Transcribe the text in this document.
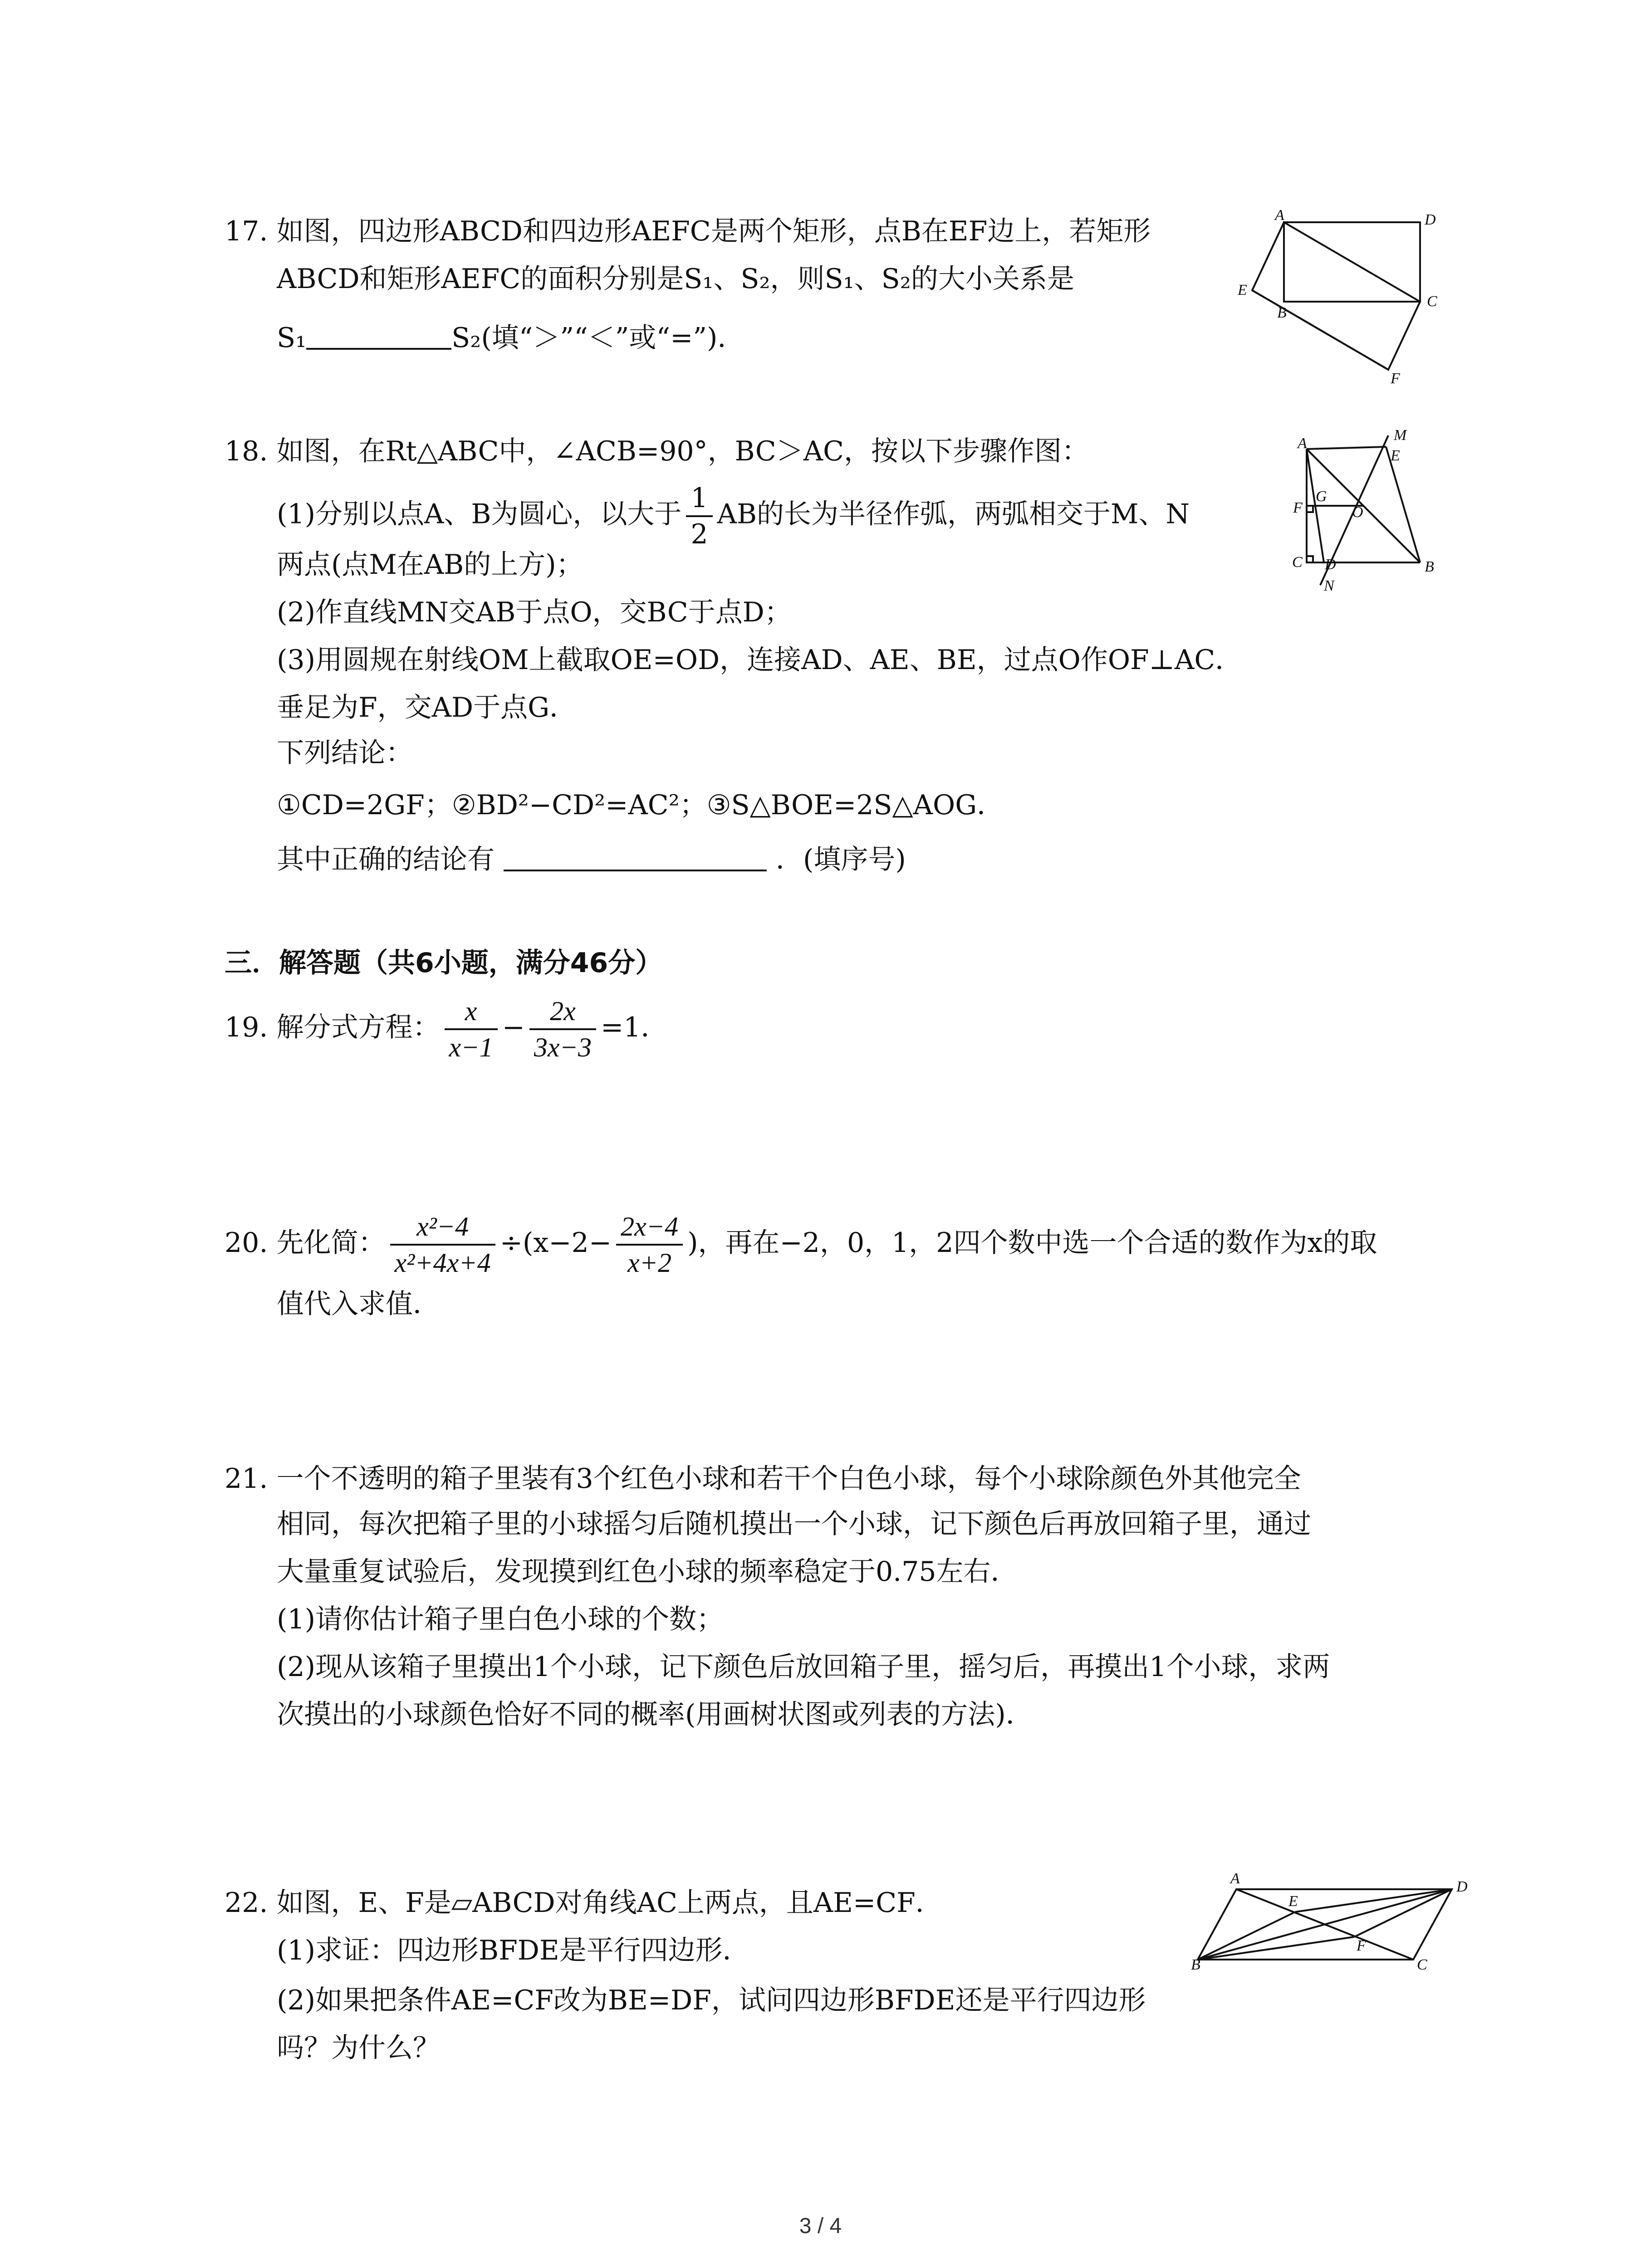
17. 如图，四边形ABCD和四边形AEFC是两个矩形，点B在EF边上，若矩形
ABCD和矩形AEFC的面积分别是S₁、S₂，则S₁、S₂的大小关系是
S₁	S₂(填“＞”“＜”或“=”)．
A	D
E
B
C
F
18. 如图，在Rt△ABC中，∠ACB=90°，BC＞AC，按以下步骤作图：
(1)分别以点A、B为圆心，以大于 $\frac{1}{2}$ AB的长为半径作弧，两弧相交于M、N
两点(点M在AB的上方)；
(2)作直线MN交AB于点O，交BC于点D；
(3)用圆规在射线OM上截取OE=OD，连接AD、AE、BE，过点O作OF⊥AC．
垂足为F，交AD于点G．
下列结论：
①CD=2GF；②BD²−CD²=AC²；③S△BOE=2S△AOG．
其中正确的结论有	．(填序号)
A	M
E
G
F	O
C D	B
N
三．解答题（共6小题，满分46分）
19. 解分式方程： $\frac{x}{x-1} - \frac{2x}{3x-3} =1$．
20. 先化简： $\frac{\text{x²−4}}{\text{x²+4x+4}} \div(x-2- \frac{2x-4}{x+2}$ )，再在−2，0，1，2四个数中选一个合适的数作为x的取
值代入求值．
21. 一个不透明的箱子里装有3个红色小球和若干个白色小球，每个小球除颜色外其他完全
相同，每次把箱子里的小球摇匀后随机摸出一个小球，记下颜色后再放回箱子里，通过
大量重复试验后，发现摸到红色小球的频率稳定于0.75左右．
(1)请你估计箱子里白色小球的个数；
(2)现从该箱子里摸出1个小球，记下颜色后放回箱子里，摇匀后，再摸出1个小球，求两
次摸出的小球颜色恰好不同的概率(用画树状图或列表的方法)．
22. 如图，E、F是▱ABCD对角线AC上两点，且AE=CF．
(1)求证：四边形BFDE是平行四边形．
(2)如果把条件AE=CF改为BE=DF，试问四边形BFDE还是平行四边形
吗？为什么？
A
E
D
B
F
C
3 / 4
